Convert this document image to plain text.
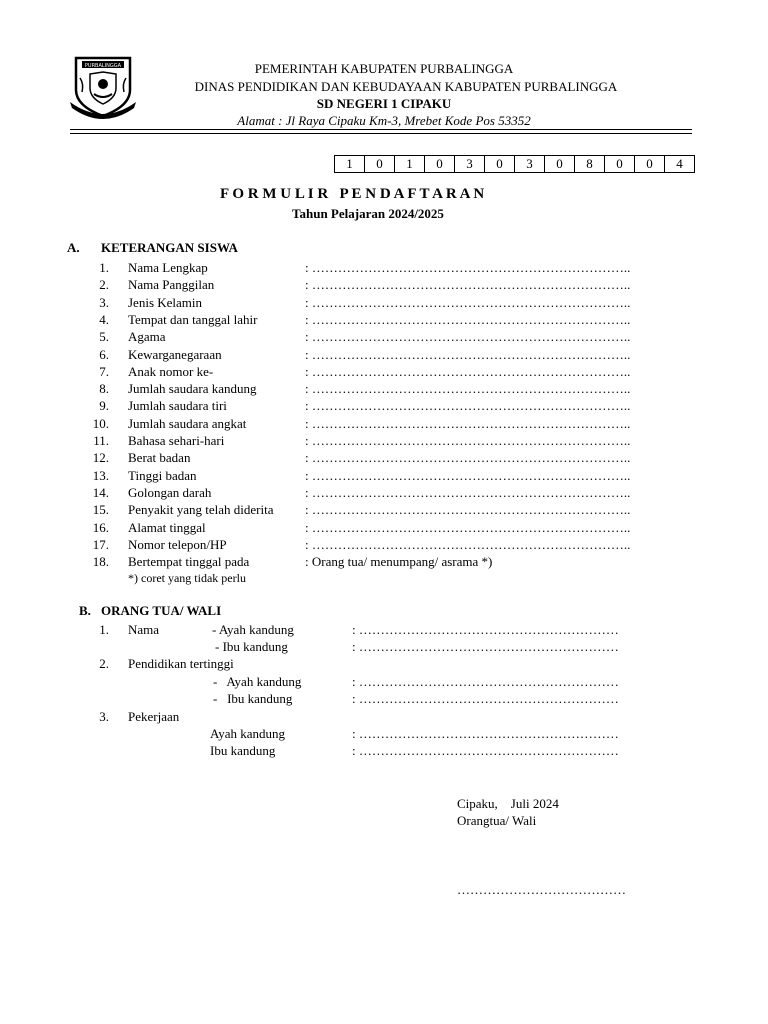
PURBALINGGA	PEMERINTAH KABUPATEN PURBALINGGA
DINAS PENDIDIKAN DAN KEBUDAYAAN KABUPATEN PURBALINGGA
SD NEGERI 1 CIPAKU
Alamat : Jl Raya Cipaku Km-3, Mrebet Kode Pos 53352
1	0	1	0	3	0	3	0	8	0	0	4
F O R M U L I R   P E N D A F T A R A N
Tahun Pelajaran 2024/2025
A. KETERANGAN SISWA
1. Nama Lengkap	: ………………………………………………………………..
2. Nama Panggilan	: ………………………………………………………………..
3. Jenis Kelamin	: ………………………………………………………………..
4. Tempat dan tanggal lahir	: ………………………………………………………………..
5. Agama	: ………………………………………………………………..
6. Kewarganegaraan	: ………………………………………………………………..
7. Anak nomor ke-	: ………………………………………………………………..
8. Jumlah saudara kandung	: ………………………………………………………………..
9. Jumlah saudara tiri	: ………………………………………………………………..
10. Jumlah saudara angkat	: ………………………………………………………………..
11. Bahasa sehari-hari	: ………………………………………………………………..
12. Berat badan	: ………………………………………………………………..
13. Tinggi badan	: ………………………………………………………………..
14. Golongan darah	: ………………………………………………………………..
15. Penyakit yang telah diderita : ………………………………………………………………..
16. Alamat tinggal	: ………………………………………………………………..
17. Nomor telepon/HP	: ………………………………………………………………..
18. Bertempat tinggal pada	: Orang tua/ menumpang/ asrama *)
*) coret yang tidak perlu
B. ORANG TUA/ WALI
1. Nama	- Ayah kandung	: ……………………………………………………
- Ibu kandung	: ……………………………………………………
2. Pendidikan tertinggi
-   Ayah kandung	: ……………………………………………………
-   Ibu kandung	: ……………………………………………………
3. Pekerjaan
Ayah kandung	: ……………………………………………………
Ibu kandung	: ……………………………………………………
Cipaku,    Juli 2024
Orangtua/ Wali
…………………………………
